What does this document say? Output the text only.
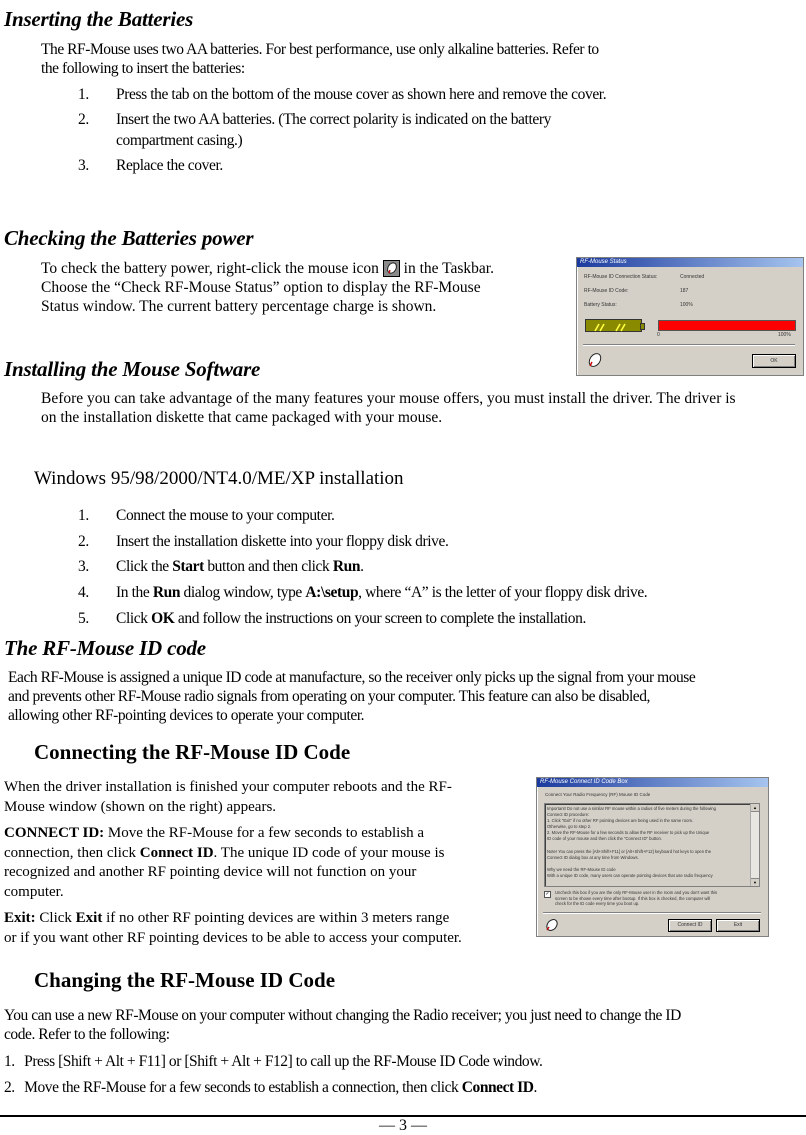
Inserting the Batteries
The RF-Mouse uses two AA batteries. For best performance, use only alkaline batteries. Refer to
the following to insert the batteries:
1. Press the tab on the bottom of the mouse cover as shown here and remove the cover.
2. Insert the two AA batteries. (The correct polarity is indicated on the battery
compartment casing.)
3. Replace the cover.
Checking the Batteries power
To check the battery power, right-click the mouse icon in the Taskbar.
Choose the “Check RF-Mouse Status” option to display the RF-Mouse
Status window. The current battery percentage charge is shown.
RF-Mouse Status
RF-Mouse ID Connection Status:	Connected
RF-Mouse ID Code:	187
Battery Status:	100%
0	100%
OK
Installing the Mouse Software
Before you can take advantage of the many features your mouse offers, you must install the driver. The driver is
on the installation diskette that came packaged with your mouse.
Windows 95/98/2000/NT4.0/ME/XP installation
1. Connect the mouse to your computer.
2. Insert the installation diskette into your floppy disk drive.
3. Click the Start button and then click Run.
4. In the Run dialog window, type A:\setup, where “A” is the letter of your floppy disk drive.
5. Click OK and follow the instructions on your screen to complete the installation.
The RF-Mouse ID code
Each RF-Mouse is assigned a unique ID code at manufacture, so the receiver only picks up the signal from your mouse
and prevents other RF-Mouse radio signals from operating on your computer. This feature can also be disabled,
allowing other RF-pointing devices to operate your computer.
Connecting the RF-Mouse ID Code
When the driver installation is finished your computer reboots and the RF-
Mouse window (shown on the right) appears.
CONNECT ID: Move the RF-Mouse for a few seconds to establish a
connection, then click Connect ID. The unique ID code of your mouse is
recognized and another RF pointing device will not function on your
computer.
Exit: Click Exit if no other RF pointing devices are within 3 meters range
or if you want other RF pointing devices to be able to access your computer.
RF-Mouse Connect ID Code Box
Connect Your Radio Frequency (RF) Mouse ID Code
Important! Do not use a similar RF mouse within a radius of five meters during the following
Connect ID procedure:
1. Click "Exit" if no other RF pointing devices are being used in the same room.
Otherwise, go to step 2.
2. Move the RF-Mouse for a few seconds to allow the RF receiver to pick up the Unique
ID code of your mouse and then click the "Connect ID" button.

Note! You can press the [Alt+Shift+F11] or [Alt+Shift+F12] keyboard hot keys to open the
Connect ID dialog box at any time from Windows.

Why we need the RF-Mouse ID code
With a unique ID code, many users can operate pointing devices that use radio frequency
▲
▼
✓	Uncheck this box if you are the only RF-Mouse user in the room and you don't want this
screen to be shown every time after bootup. If this box is checked, the computer will
check for the ID code every time you boot up.
Connect ID	Exit
Changing the RF-Mouse ID Code
You can use a new RF-Mouse on your computer without changing the Radio receiver; you just need to change the ID
code. Refer to the following:
1. Press [Shift + Alt + F11] or [Shift + Alt + F12] to call up the RF-Mouse ID Code window.
2. Move the RF-Mouse for a few seconds to establish a connection, then click Connect ID.
— 3 —
